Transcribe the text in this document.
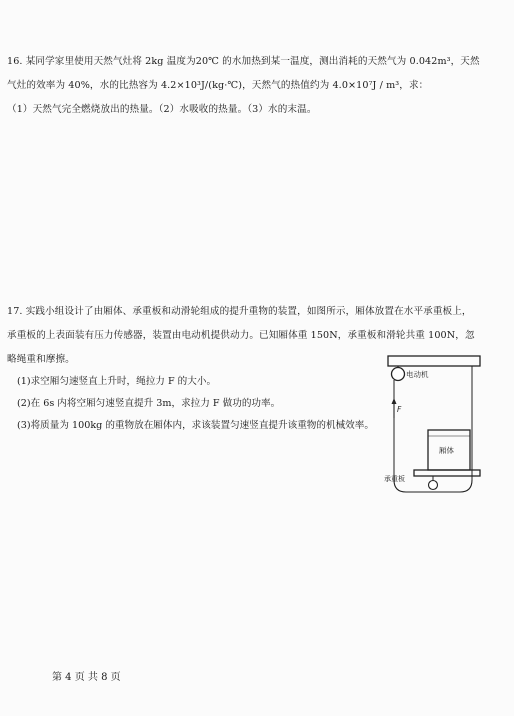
16. 某同学家里使用天然气灶将 2kg 温度为20℃ 的水加热到某一温度，测出消耗的天然气为 0.042m³，天然
气灶的效率为 40%，水的比热容为 4.2×10³J/(kg·℃)，天然气的热值约为 4.0×10⁷J / m³，求：
（1）天然气完全燃烧放出的热量。（2）水吸收的热量。（3）水的末温。
17. 实践小组设计了由厢体、承重板和动滑轮组成的提升重物的装置，如图所示，厢体放置在水平承重板上，
承重板的上表面装有压力传感器，装置由电动机提供动力。已知厢体重 150N，承重板和滑轮共重 100N，忽
略绳重和摩擦。
(1)求空厢匀速竖直上升时，绳拉力 F 的大小。
(2)在 6s 内将空厢匀速竖直提升 3m，求拉力 F 做功的功率。
(3)将质量为 100kg 的重物放在厢体内，求该装置匀速竖直提升该重物的机械效率。
电动机
F
厢体
承重板
第 4 页 共 8 页
